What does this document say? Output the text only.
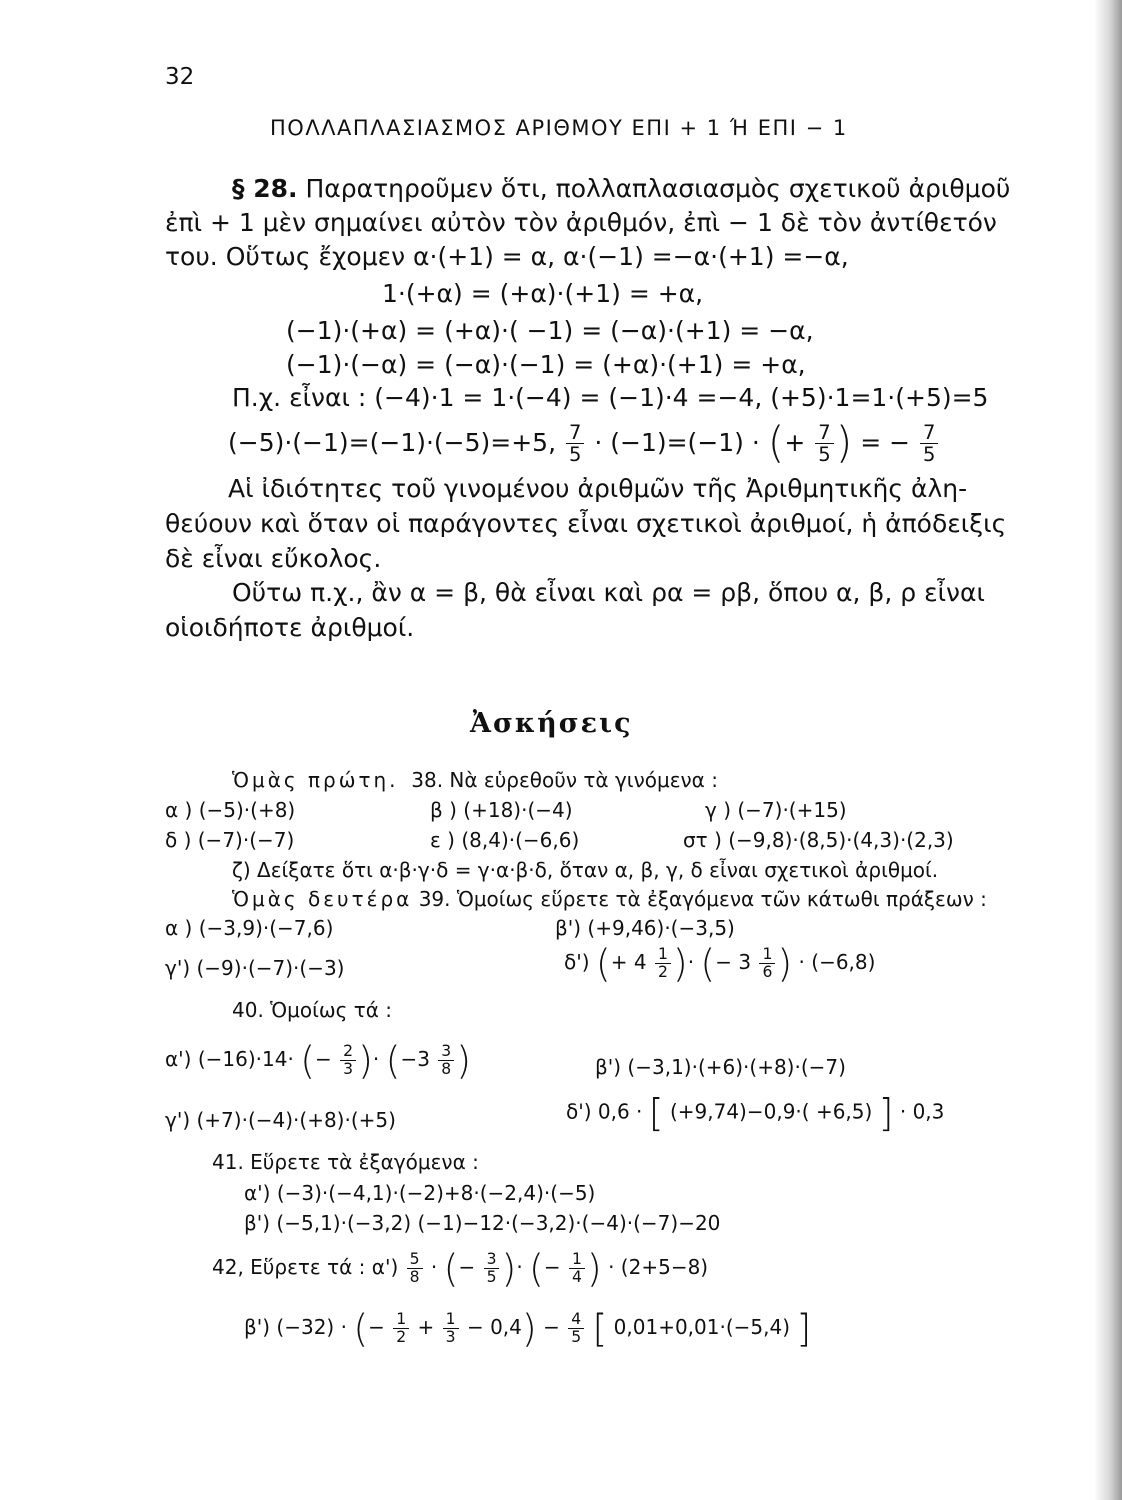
32
ΠΟΛΛΑΠΛΑΣΙΑΣΜΟΣ ΑΡΙΘΜΟΥ ΕΠΙ + 1 Ή ΕΠΙ − 1
§ 28. Παρατηροῦμεν ὅτι, πολλαπλασιασμὸς σχετικοῦ ἀριθμοῦ
ἐπὶ + 1 μὲν σημαίνει αὐτὸν τὸν ἀριθμόν, ἐπὶ − 1 δὲ τὸν ἀντίθετόν
του. Οὕτως ἔχομεν α·(+1) = α, α·(−1) =−α·(+1) =−α,
1·(+α) = (+α)·(+1) = +α,
(−1)·(+α) = (+α)·( −1) = (−α)·(+1) = −α,
(−1)·(−α) = (−α)·(−1) = (+α)·(+1) = +α,
Π.χ. εἶναι : (−4)·1 = 1·(−4) = (−1)·4 =−4, (+5)·1=1·(+5)=5
(−5)·(−1)=(−1)·(−5)=+5, $\frac{7}{5} \cdot (-1)=(-1)$ · (+ $\frac{7}{5}$ ) = − $\frac{7}{5}$
Αἱ ἰδιότητες τοῦ γινομένου ἀριθμῶν τῆς Ἀριθμητικῆς ἀλη-
θεύουν καὶ ὅταν οἱ παράγοντες εἶναι σχετικοὶ ἀριθμοί, ἡ ἀπόδειξις
δὲ εἶναι εὔκολος.
Οὕτω π.χ., ἂν α = β, θὰ εἶναι καὶ ρα = ρβ, ὅπου α, β, ρ εἶναι
οἱοιδήποτε ἀριθμοί.
Ἀσκήσεις
Ὁμὰς πρώτη. 38. Νὰ εὑρεθοῦν τὰ γινόμενα :
α ) (−5)·(+8)	β ) (+18)·(−4)	γ ) (−7)·(+15)
δ ) (−7)·(−7)	ε ) (8,4)·(−6,6)	στ ) (−9,8)·(8,5)·(4,3)·(2,3)
ζ) Δείξατε ὅτι α·β·γ·δ = γ·α·β·δ, ὅταν α, β, γ, δ εἶναι σχετικοὶ ἀριθμοί.
Ὁμὰς δευτέρα 39. Ὁμοίως εὕρετε τὰ ἐξαγόμενα τῶν κάτωθι πράξεων :
α ) (−3,9)·(−7,6)	β') (+9,46)·(−3,5)
γ') (−9)·(−7)·(−3)	δ') (+ $4 \frac{1}{2}$ )· (− $3 \frac{1}{6}$ ) · (−6,8)
40. Ὁμοίως τά :
α') (−16)·14· (− $\frac{2}{3}$ )· ($-3 \frac{3}{8}$ )	β') (−3,1)·(+6)·(+8)·(−7)
γ') (+7)·(−4)·(+8)·(+5)	δ') 0,6 · [ (+9,74)−0,9·( +6,5) ] · 0,3
41. Εὕρετε τὰ ἐξαγόμενα :
α') (−3)·(−4,1)·(−2)+8·(−2,4)·(−5)
β') (−5,1)·(−3,2) (−1)−12·(−3,2)·(−4)·(−7)−20
42, Εὕρετε τά : $\alpha') \frac{5}{8}$ · (− $\frac{3}{5}$ )· (− $\frac{1}{4}$ ) · (2+5−8)
β') (−32) · (− $\frac{1}{2} + \frac{1}{3} - 0,4) - \frac{4}{5}$ [ 0,01+0,01·(−5,4) ]
